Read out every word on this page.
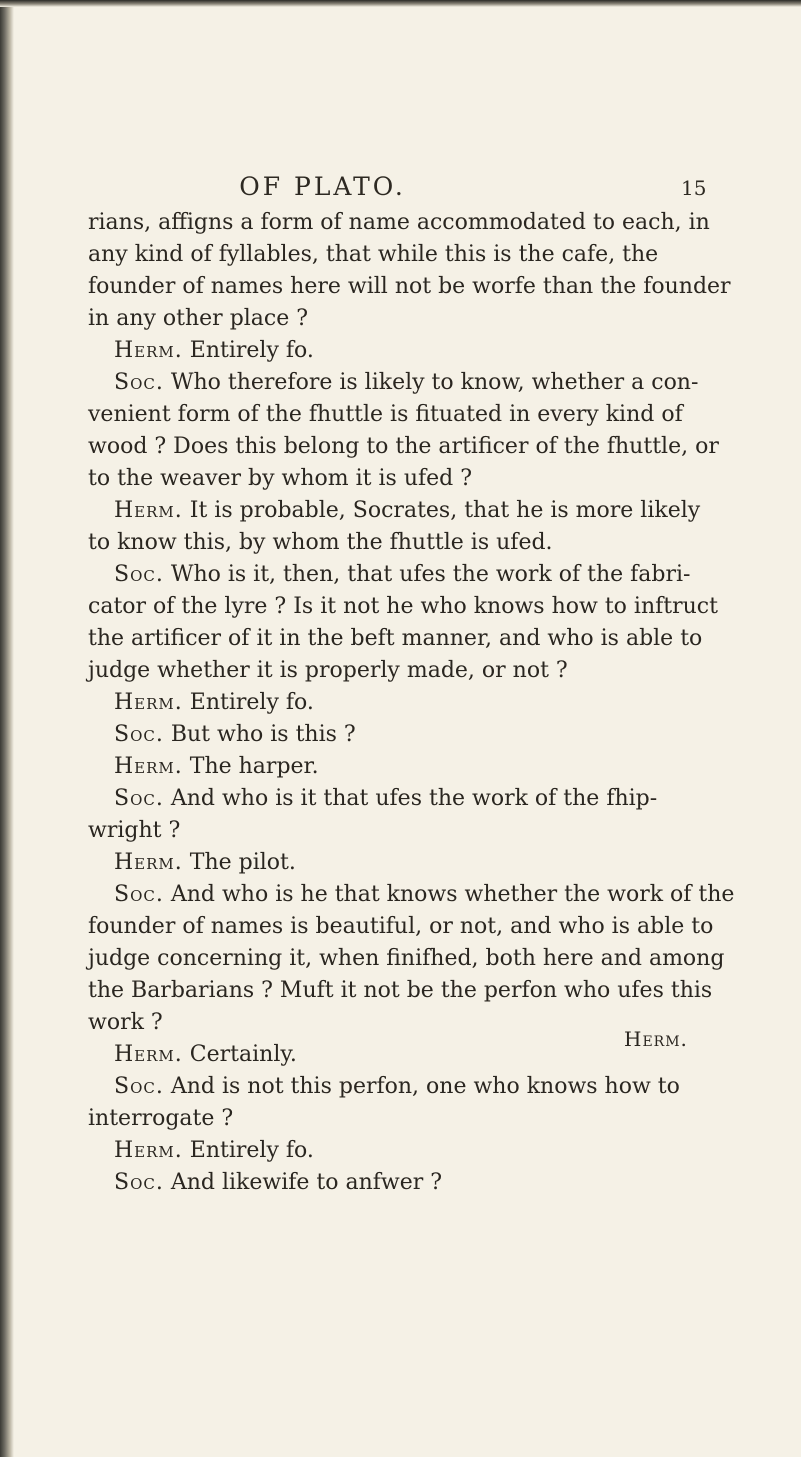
OF PLATO.	15
rians, affigns a form of name accommodated to each, in
any kind of fyllables, that while this is the cafe, the
founder of names here will not be worfe than the founder
in any other place ?
Herm. Entirely fo.
Soc. Who therefore is likely to know, whether a con-
venient form of the fhuttle is fituated in every kind of
wood ? Does this belong to the artificer of the fhuttle, or
to the weaver by whom it is ufed ?
Herm. It is probable, Socrates, that he is more likely
to know this, by whom the fhuttle is ufed.
Soc. Who is it, then, that ufes the work of the fabri-
cator of the lyre ? Is it not he who knows how to inftruct
the artificer of it in the beft manner, and who is able to
judge whether it is properly made, or not ?
Herm. Entirely fo.
Soc. But who is this ?
Herm. The harper.
Soc. And who is it that ufes the work of the fhip-
wright ?
Herm. The pilot.
Soc. And who is he that knows whether the work of the
founder of names is beautiful, or not, and who is able to
judge concerning it, when finifhed, both here and among
the Barbarians ? Muft it not be the perfon who ufes this
work ?
Herm. Certainly.
Soc. And is not this perfon, one who knows how to
interrogate ?
Herm. Entirely fo.
Soc. And likewife to anfwer ?
Herm.
